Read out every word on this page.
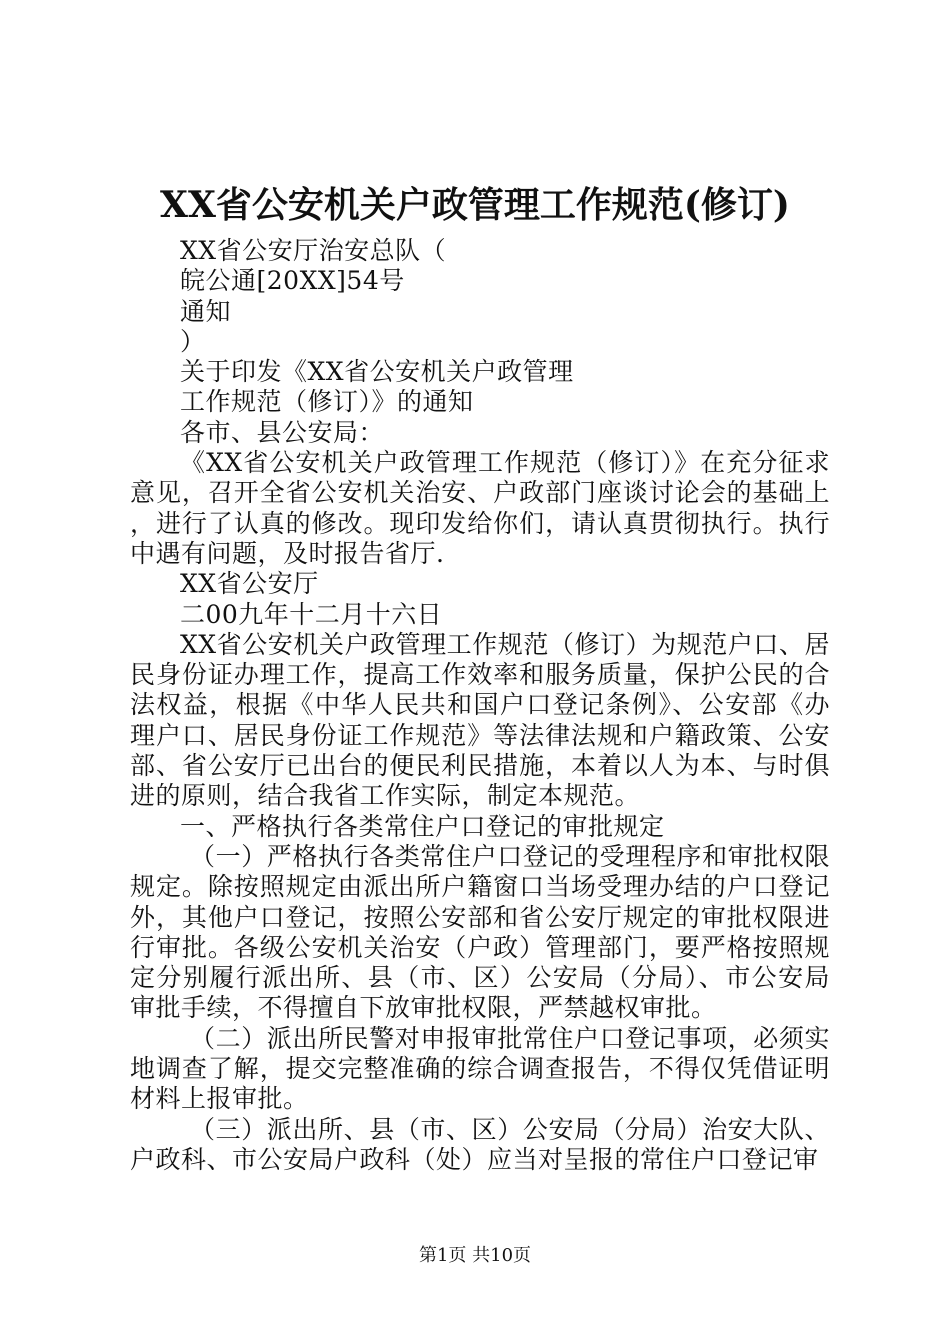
XX省公安机关户政管理工作规范(修订)
XX省公安厅治安总队（
皖公通[20XX]54号
通知
）
关于印发《XX省公安机关户政管理
工作规范（修订）》的通知
各市、县公安局：
《XX省公安机关户政管理工作规范（修订）》在充分征求意见，召开全省公安机关治安、户政部门座谈讨论会的基础上，进行了认真的修改。现印发给你们，请认真贯彻执行。执行中遇有问题，及时报告省厅.
XX省公安厅
二00九年十二月十六日
XX省公安机关户政管理工作规范（修订）为规范户口、居民身份证办理工作，提高工作效率和服务质量，保护公民的合法权益，根据《中华人民共和国户口登记条例》、公安部《办理户口、居民身份证工作规范》等法律法规和户籍政策、公安部、省公安厅已出台的便民利民措施，本着以人为本、与时俱进的原则，结合我省工作实际，制定本规范。
一、严格执行各类常住户口登记的审批规定
（一）严格执行各类常住户口登记的受理程序和审批权限规定。除按照规定由派出所户籍窗口当场受理办结的户口登记外，其他户口登记，按照公安部和省公安厅规定的审批权限进行审批。各级公安机关治安（户政）管理部门，要严格按照规定分别履行派出所、县（市、区）公安局（分局）、市公安局审批手续，不得擅自下放审批权限，严禁越权审批。
（二）派出所民警对申报审批常住户口登记事项，必须实地调查了解，提交完整准确的综合调查报告，不得仅凭借证明材料上报审批。
（三）派出所、县（市、区）公安局（分局）治安大队、户政科、市公安局户政科（处）应当对呈报的常住户口登记审
第1页 共10页
